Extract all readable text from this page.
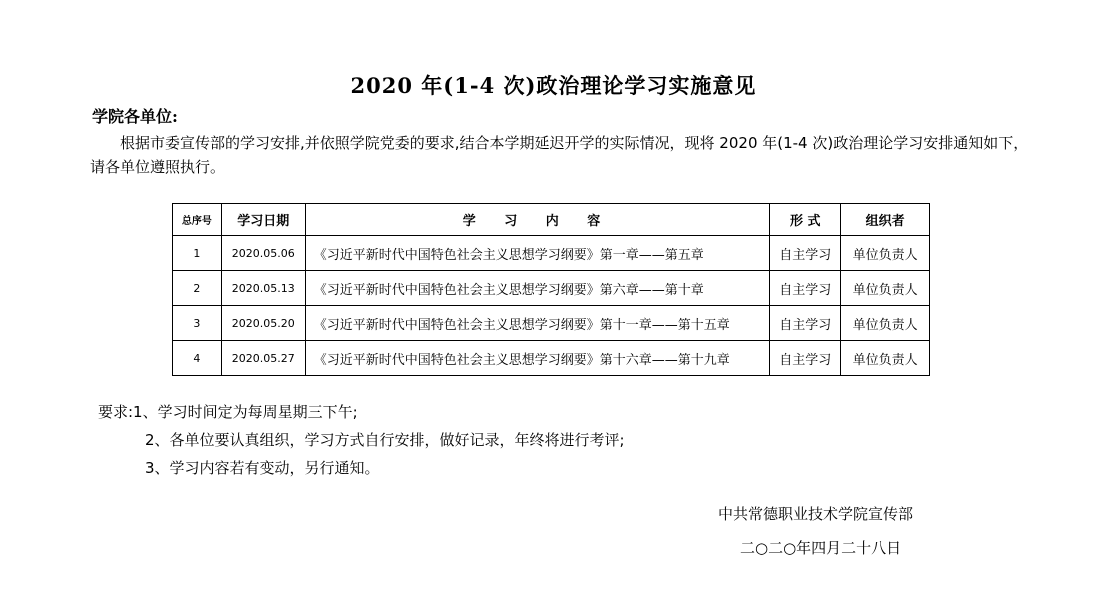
2020 年(1-4 次)政治理论学习实施意见
学院各单位:

根据市委宣传部的学习安排,并依照学院党委的要求,结合本学期延迟开学的实际情况，现将 2020 年(1-4 次)政治理论学习安排通知如下，请各单位遵照执行。

总序号	学习日期	学 习 内 容	形 式	组织者
1	2020.05.06	《习近平新时代中国特色社会主义思想学习纲要》第一章——第五章	自主学习	单位负责人
2	2020.05.13	《习近平新时代中国特色社会主义思想学习纲要》第六章——第十章	自主学习	单位负责人
3	2020.05.20	《习近平新时代中国特色社会主义思想学习纲要》第十一章——第十五章	自主学习	单位负责人
4	2020.05.27	《习近平新时代中国特色社会主义思想学习纲要》第十六章——第十九章	自主学习	单位负责人
要求:1、学习时间定为每周星期三下午;
2、各单位要认真组织，学习方式自行安排，做好记录，年终将进行考评;
3、学习内容若有变动，另行通知。
中共常德职业技术学院宣传部
二○二○年四月二十八日
